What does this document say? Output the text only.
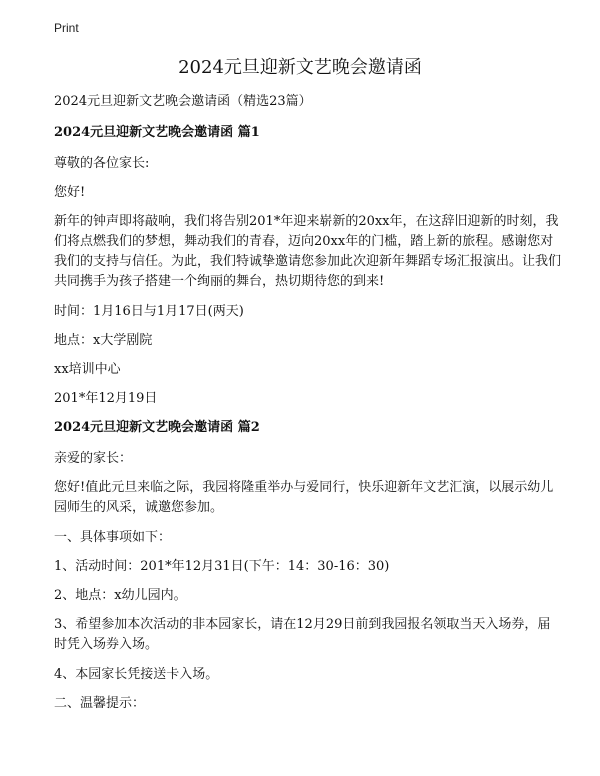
Print
2024元旦迎新文艺晚会邀请函

2024元旦迎新文艺晚会邀请函（精选23篇）

2024元旦迎新文艺晚会邀请函 篇1

尊敬的各位家长:

您好!

新年的钟声即将敲响，我们将告别201*年迎来崭新的20xx年，在这辞旧迎新的时刻，我们将点燃我们的梦想，舞动我们的青春，迈向20xx年的门槛，踏上新的旅程。感谢您对我们的支持与信任。为此，我们特诚挚邀请您参加此次迎新年舞蹈专场汇报演出。让我们共同携手为孩子搭建一个绚丽的舞台，热切期待您的到来!

时间：1月16日与1月17日(两天)

地点：x大学剧院

xx培训中心

201*年12月19日

2024元旦迎新文艺晚会邀请函 篇2

亲爱的家长：

您好!值此元旦来临之际，我园将隆重举办与爱同行，快乐迎新年文艺汇演，以展示幼儿园师生的风采，诚邀您参加。

一、具体事项如下：

1、活动时间：201*年12月31日(下午：14：30-16：30)

2、地点：x幼儿园内。

3、希望参加本次活动的非本园家长，请在12月29日前到我园报名领取当天入场券，届时凭入场券入场。

4、本园家长凭接送卡入场。

二、温馨提示：
